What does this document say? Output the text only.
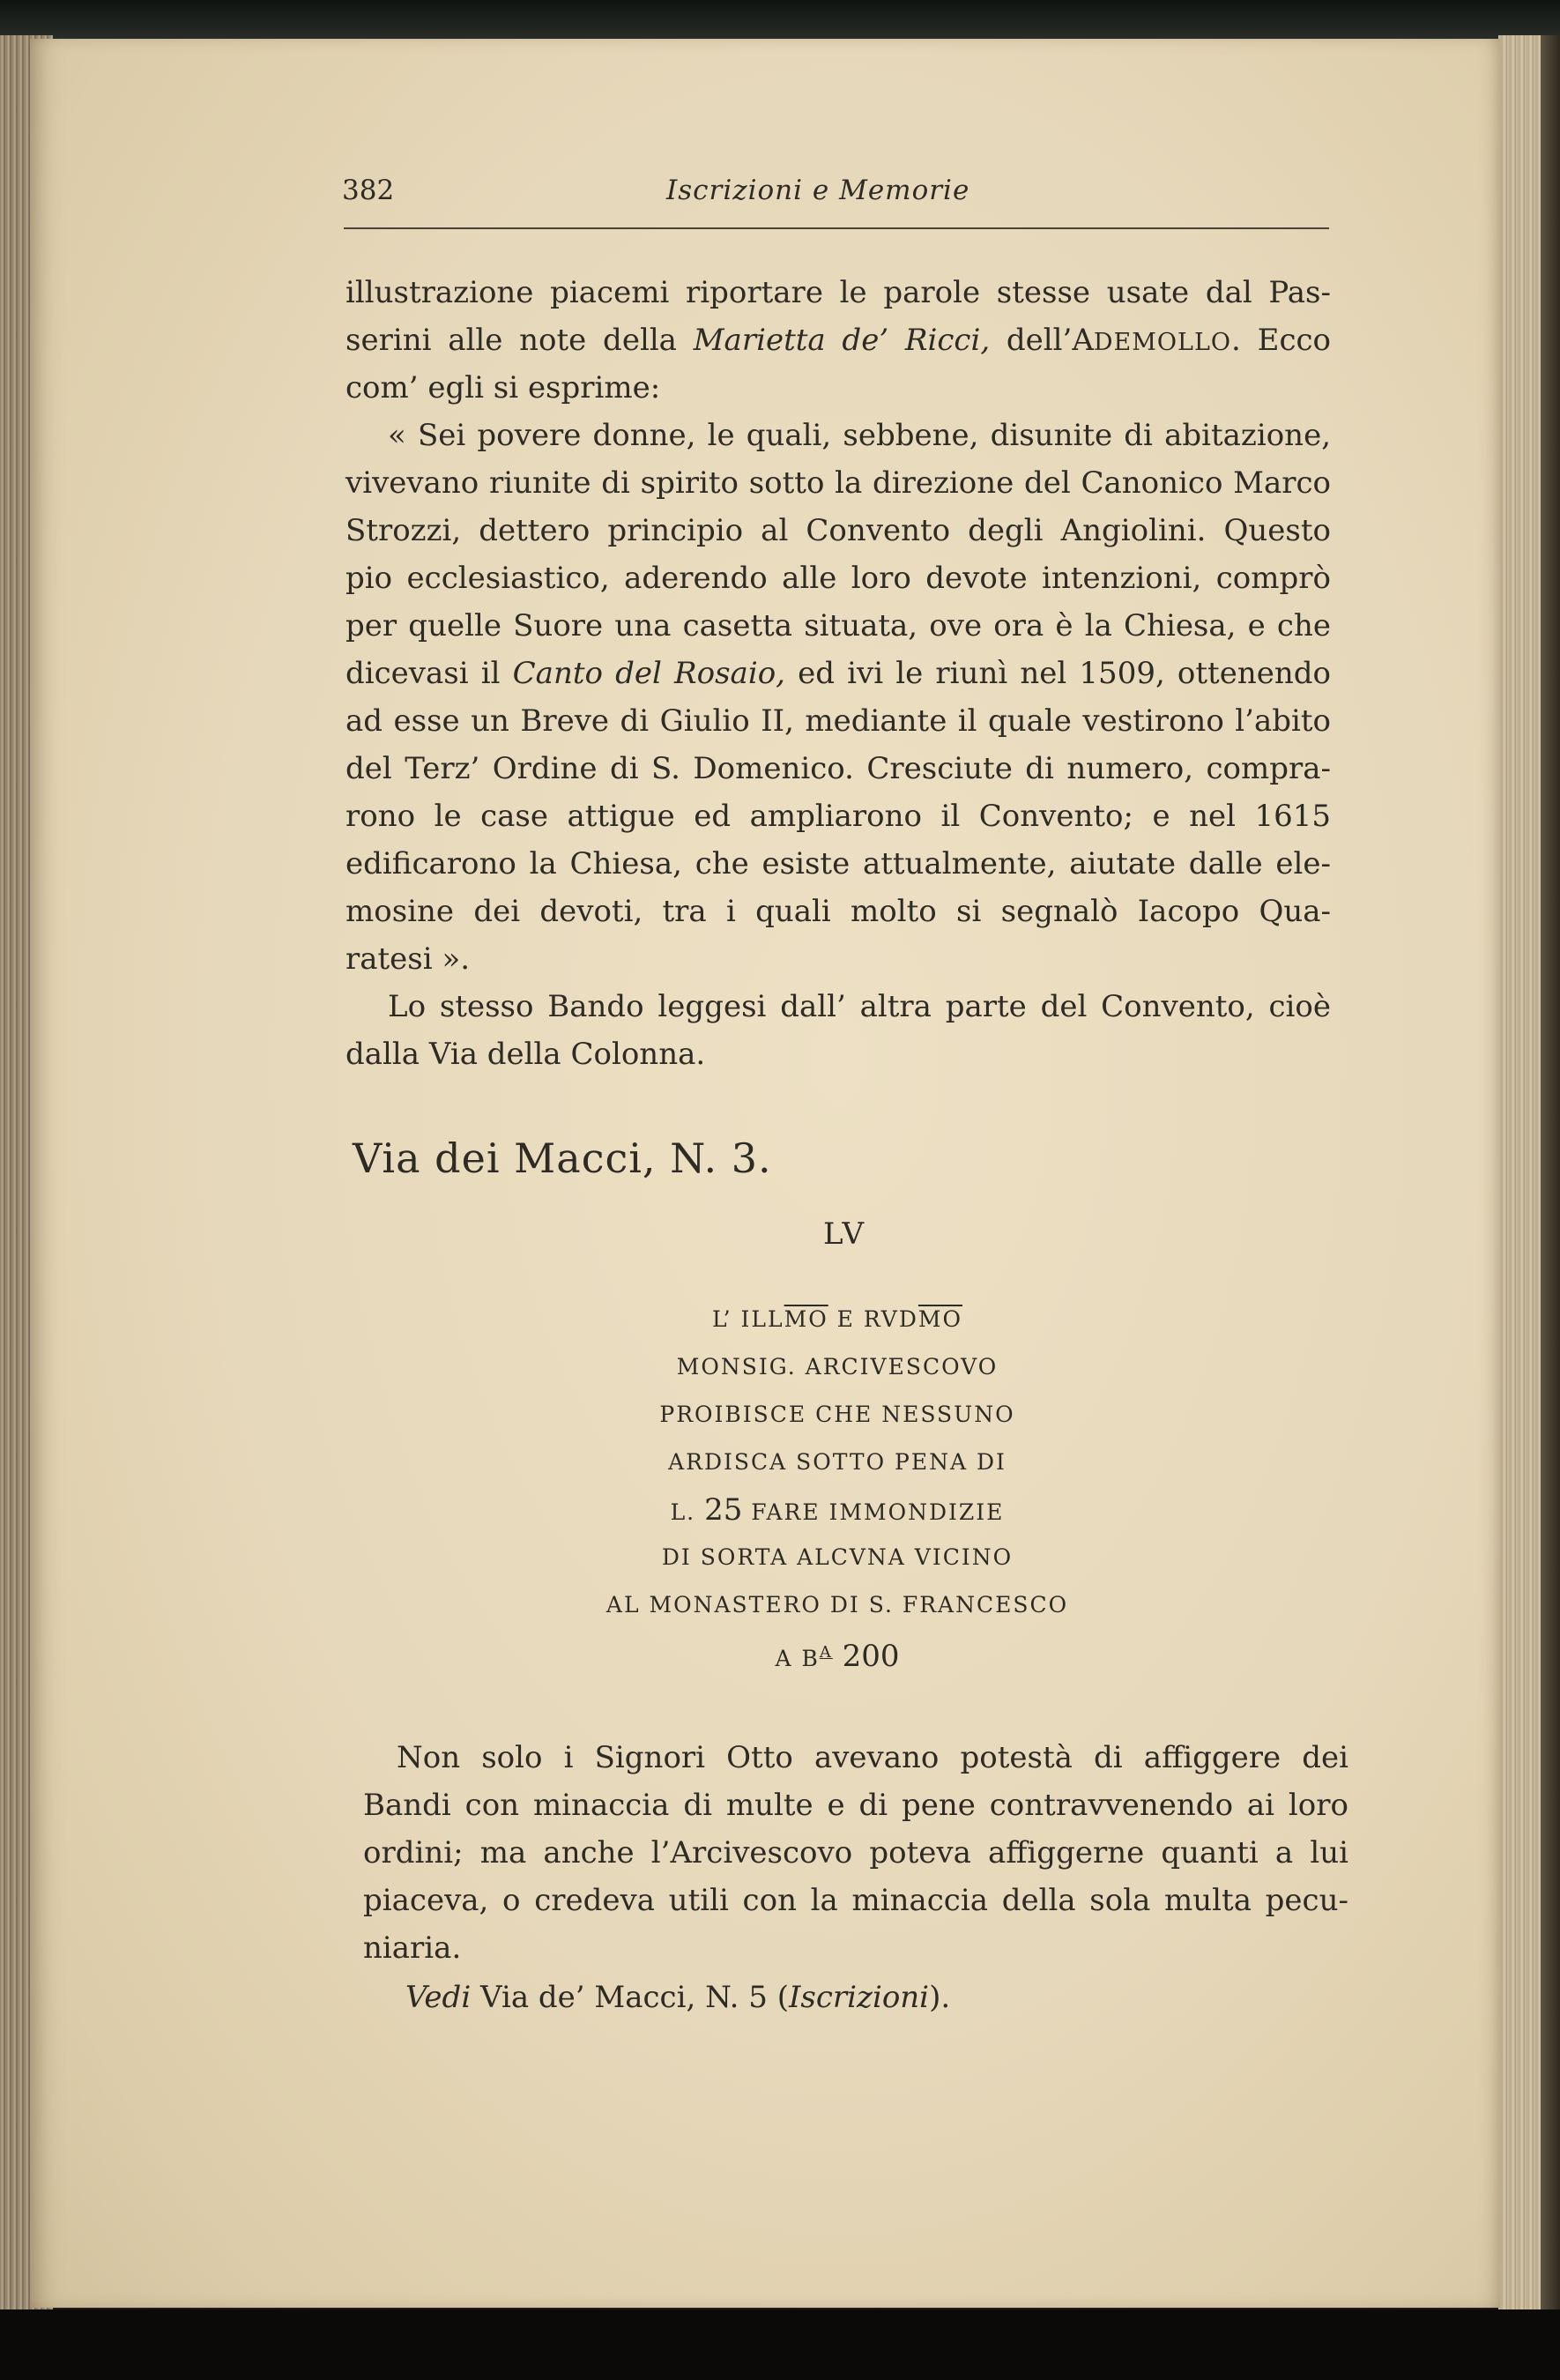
382	Iscrizioni e Memorie
illustrazione piacemi riportare le parole stesse usate dal Pas-
serini alle note della Marietta de’ Ricci, dell’ADEMOLLO. Ecco
com’ egli si esprime:
« Sei povere donne, le quali, sebbene, disunite di abitazione,
vivevano riunite di spirito sotto la direzione del Canonico Marco
Strozzi, dettero principio al Convento degli Angiolini. Questo
pio ecclesiastico, aderendo alle loro devote intenzioni, comprò
per quelle Suore una casetta situata, ove ora è la Chiesa, e che
dicevasi il Canto del Rosaio, ed ivi le riunì nel 1509, ottenendo
ad esse un Breve di Giulio II, mediante il quale vestirono l’abito
del Terz’ Ordine di S. Domenico. Cresciute di numero, compra-
rono le case attigue ed ampliarono il Convento; e nel 1615
edificarono la Chiesa, che esiste attualmente, aiutate dalle ele-
mosine dei devoti, tra i quali molto si segnalò Iacopo Qua-
ratesi ».
Lo stesso Bando leggesi dall’ altra parte del Convento, cioè
dalla Via della Colonna.
Via dei Macci, N. 3.
LV
L’ $ILL\overline{MO}$ E $RVD\overline{MO}$
MONSIG. ARCIVESCOVO
PROIBISCE CHE NESSUNO
ARDISCA SOTTO PENA DI
L. 25 FARE IMMONDIZIE
DI SORTA ALCVNA VICINO
AL MONASTERO DI S. FRANCESCO
A $B^A$ 200
Non solo i Signori Otto avevano potestà di affiggere dei
Bandi con minaccia di multe e di pene contravvenendo ai loro
ordini; ma anche l’Arcivescovo poteva affiggerne quanti a lui
piaceva, o credeva utili con la minaccia della sola multa pecu-
niaria.
Vedi Via de’ Macci, N. 5 (Iscrizioni).
